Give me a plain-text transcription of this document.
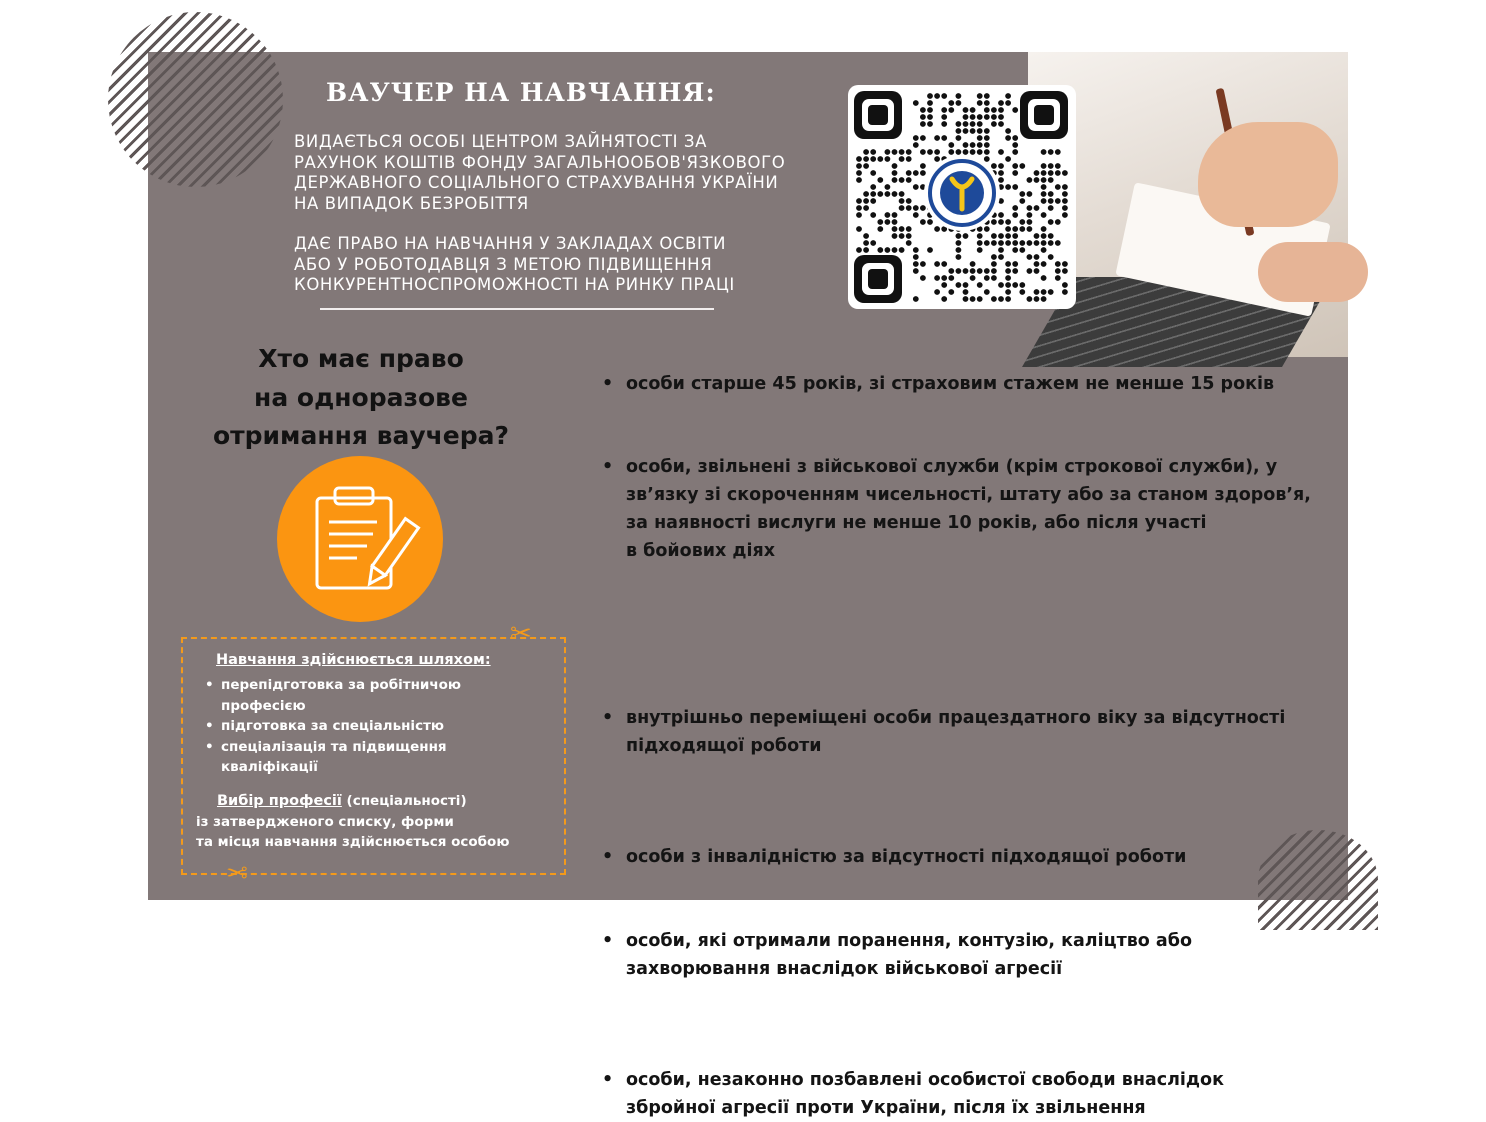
ВАУЧЕР НА НАВЧАННЯ:
ВИДАЄТЬСЯ ОСОБІ ЦЕНТРОМ ЗАЙНЯТОСТІ ЗА
РАХУНОК КОШТІВ ФОНДУ ЗАГАЛЬНООБОВ'ЯЗКОВОГО
ДЕРЖАВНОГО СОЦІАЛЬНОГО СТРАХУВАННЯ УКРАЇНИ
НА ВИПАДОК БЕЗРОБІТТЯ
ДАЄ ПРАВО НА НАВЧАННЯ У ЗАКЛАДАХ ОСВІТИ
АБО У РОБОТОДАВЦЯ З МЕТОЮ ПІДВИЩЕННЯ
КОНКУРЕНТНОСПРОМОЖНОСТІ НА РИНКУ ПРАЦІ
Хто має право
на одноразове
отримання ваучера?
Навчання здійснюється шляхом:
• перепідготовка за робітничою професією
• підготовка за спеціальністю
• спеціалізація та підвищення кваліфікації
Вибір професії (спеціальності)
із затвердженого списку, форми
та місця навчання здійснюється особою
✂
✂
• особи старше 45 років, зі страховим стажем не менше 15 років
• особи, звільнені з військової служби (крім строкової служби), у
зв’язку зі скороченням чисельності, штату або за станом здоров’я,
за наявності вислуги не менше 10 років, або після участі
в бойових діях
• внутрішньо переміщені особи працездатного віку за відсутності
підходящої роботи
• особи з інвалідністю за відсутності підходящої роботи
• особи, які отримали поранення, контузію, каліцтво або
захворювання внаслідок військової агресії
• особи, незаконно позбавлені особистої свободи внаслідок
збройної агресії проти України, після їх звільнення
